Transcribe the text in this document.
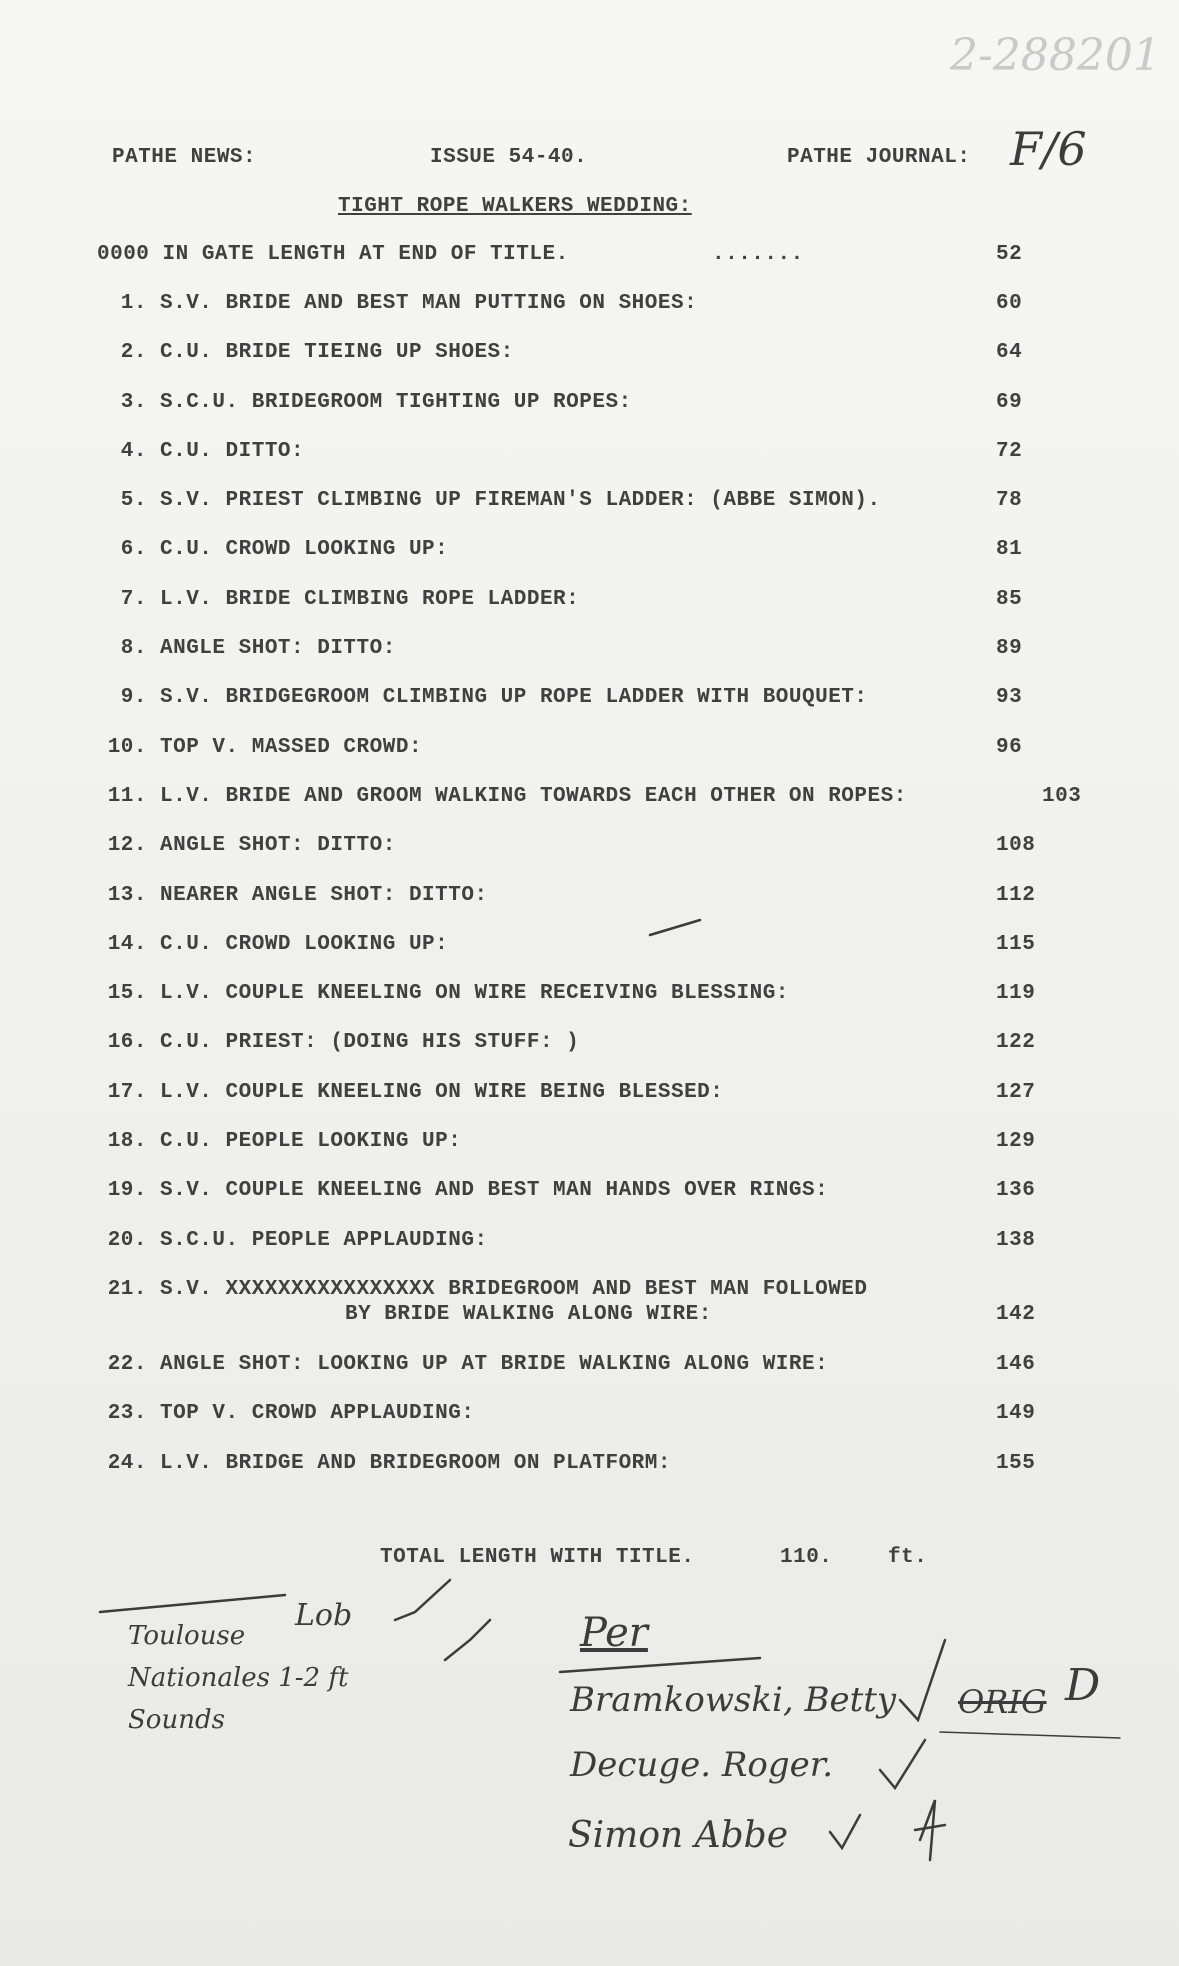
2-288201
PATHE NEWS:	ISSUE 54-40.	PATHE JOURNAL: F/6
TIGHT ROPE WALKERS WEDDING:
0000 IN GATE LENGTH AT END OF TITLE.	.......	52
1. S.V. BRIDE AND BEST MAN PUTTING ON SHOES:	60
2. C.U. BRIDE TIEING UP SHOES:	64
3. S.C.U. BRIDEGROOM TIGHTING UP ROPES:	69
4. C.U. DITTO:	72
5. S.V. PRIEST CLIMBING UP FIREMAN'S LADDER: (ABBE SIMON).	78
6. C.U. CROWD LOOKING UP:	81
7. L.V. BRIDE CLIMBING ROPE LADDER:	85
8. ANGLE SHOT: DITTO:	89
9. S.V. BRIDGEGROOM CLIMBING UP ROPE LADDER WITH BOUQUET:	93
10. TOP V. MASSED CROWD:	96
11. L.V. BRIDE AND GROOM WALKING TOWARDS EACH OTHER ON ROPES:	103
12. ANGLE SHOT: DITTO:	108
13. NEARER ANGLE SHOT: DITTO:	112
14. C.U. CROWD LOOKING UP:	115
15. L.V. COUPLE KNEELING ON WIRE RECEIVING BLESSING:	119
16. C.U. PRIEST: (DOING HIS STUFF: )	122
17. L.V. COUPLE KNEELING ON WIRE BEING BLESSED:	127
18. C.U. PEOPLE LOOKING UP:	129
19. S.V. COUPLE KNEELING AND BEST MAN HANDS OVER RINGS:	136
20. S.C.U. PEOPLE APPLAUDING:	138
21. S.V. XXXXXXXXXXXXXXXX BRIDEGROOM AND BEST MAN FOLLOWED
BY BRIDE WALKING ALONG WIRE:	142
22. ANGLE SHOT: LOOKING UP AT BRIDE WALKING ALONG WIRE:	146
23. TOP V. CROWD APPLAUDING:	149
24. L.V. BRIDGE AND BRIDEGROOM ON PLATFORM:	155
TOTAL LENGTH WITH TITLE.	110.	ft.
Toulouse
Nationales 1-2 ft
Sounds
Lob	Per
Bramkowski, Betty ORIG D
Decuge. Roger.
Simon Abbe
